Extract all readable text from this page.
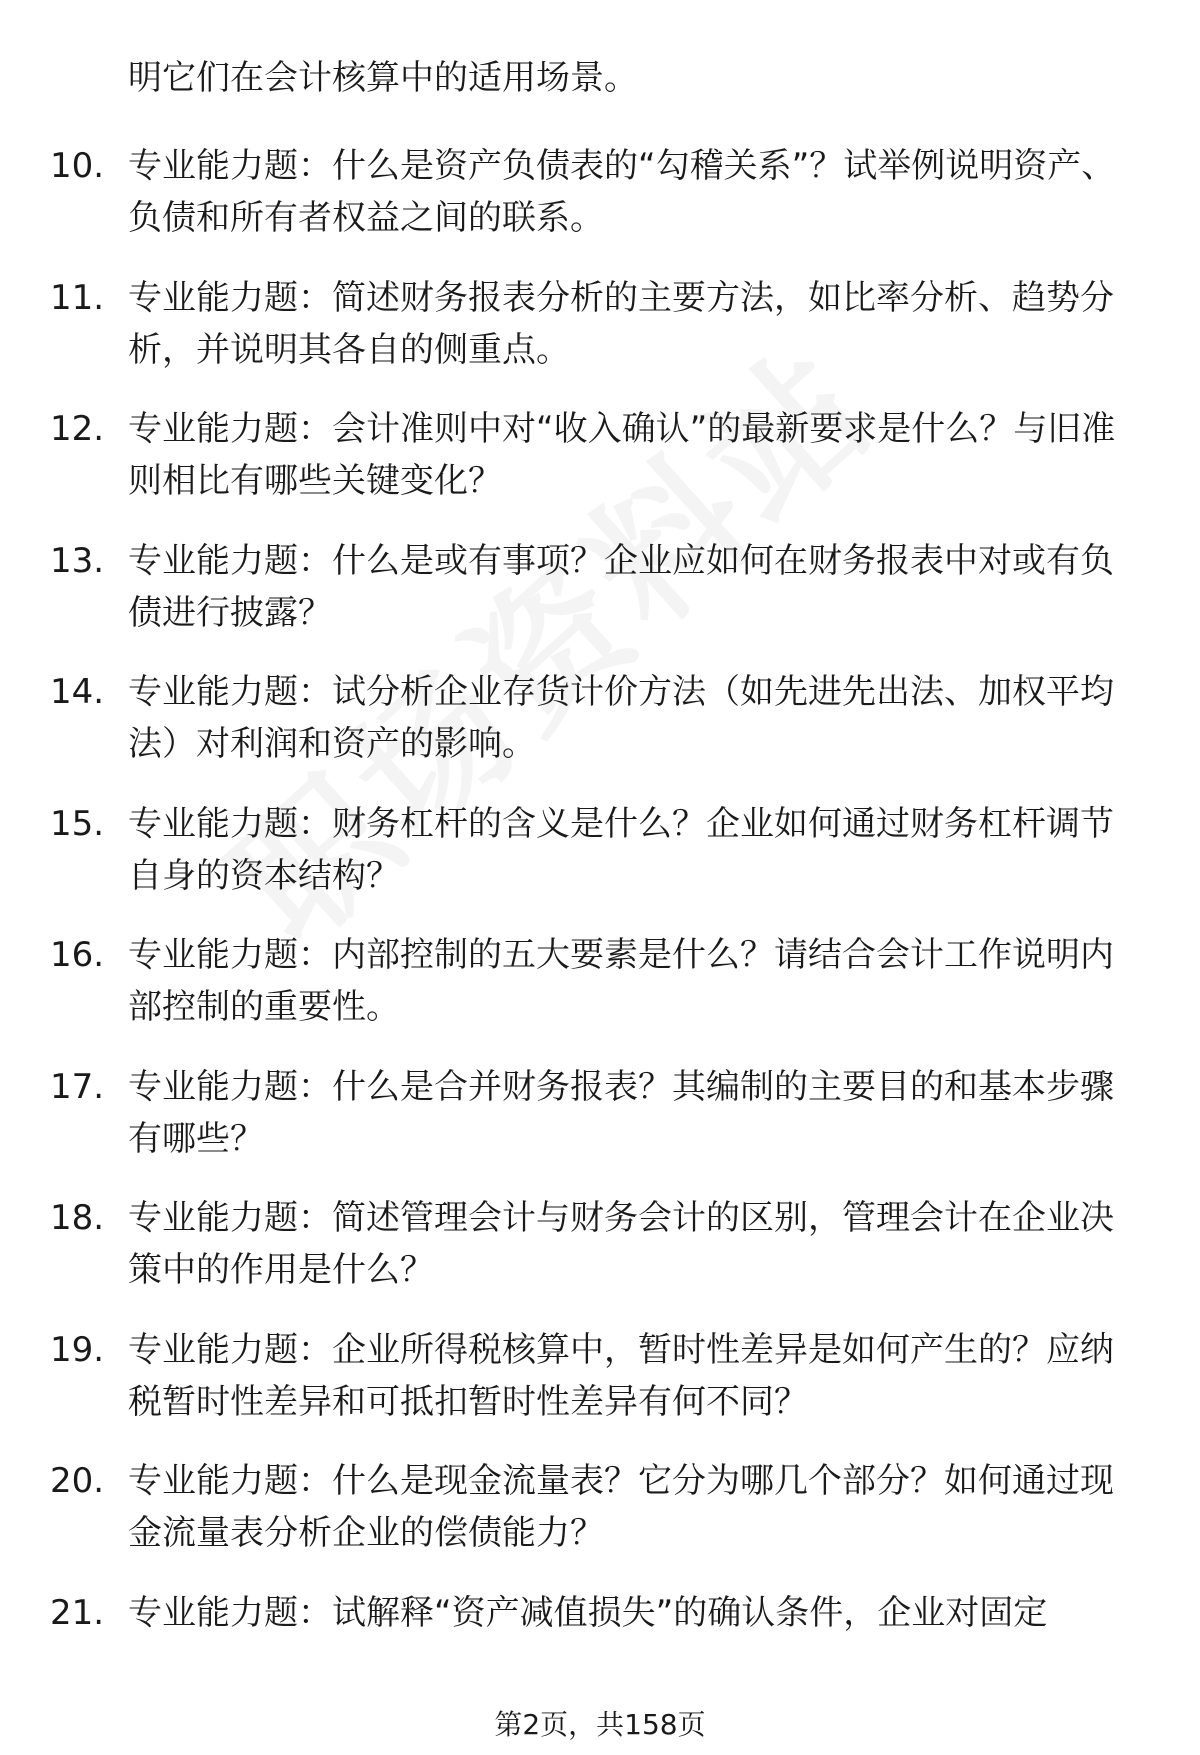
明它们在会计核算中的适用场景。
10. 专业能力题：什么是资产负债表的“勾稽关系”？试举例说明资产、负债和所有者权益之间的联系。
11. 专业能力题：简述财务报表分析的主要方法，如比率分析、趋势分析，并说明其各自的侧重点。
12. 专业能力题：会计准则中对“收入确认”的最新要求是什么？与旧准则相比有哪些关键变化？
13. 专业能力题：什么是或有事项？企业应如何在财务报表中对或有负债进行披露？
14. 专业能力题：试分析企业存货计价方法（如先进先出法、加权平均法）对利润和资产的影响。
15. 专业能力题：财务杠杆的含义是什么？企业如何通过财务杠杆调节自身的资本结构？
16. 专业能力题：内部控制的五大要素是什么？请结合会计工作说明内部控制的重要性。
17. 专业能力题：什么是合并财务报表？其编制的主要目的和基本步骤有哪些？
18. 专业能力题：简述管理会计与财务会计的区别，管理会计在企业决策中的作用是什么？
19. 专业能力题：企业所得税核算中，暂时性差异是如何产生的？应纳税暂时性差异和可抵扣暂时性差异有何不同？
20. 专业能力题：什么是现金流量表？它分为哪几个部分？如何通过现金流量表分析企业的偿债能力？
21. 专业能力题：试解释“资产减值损失”的确认条件，企业对固定
第2页，共158页
